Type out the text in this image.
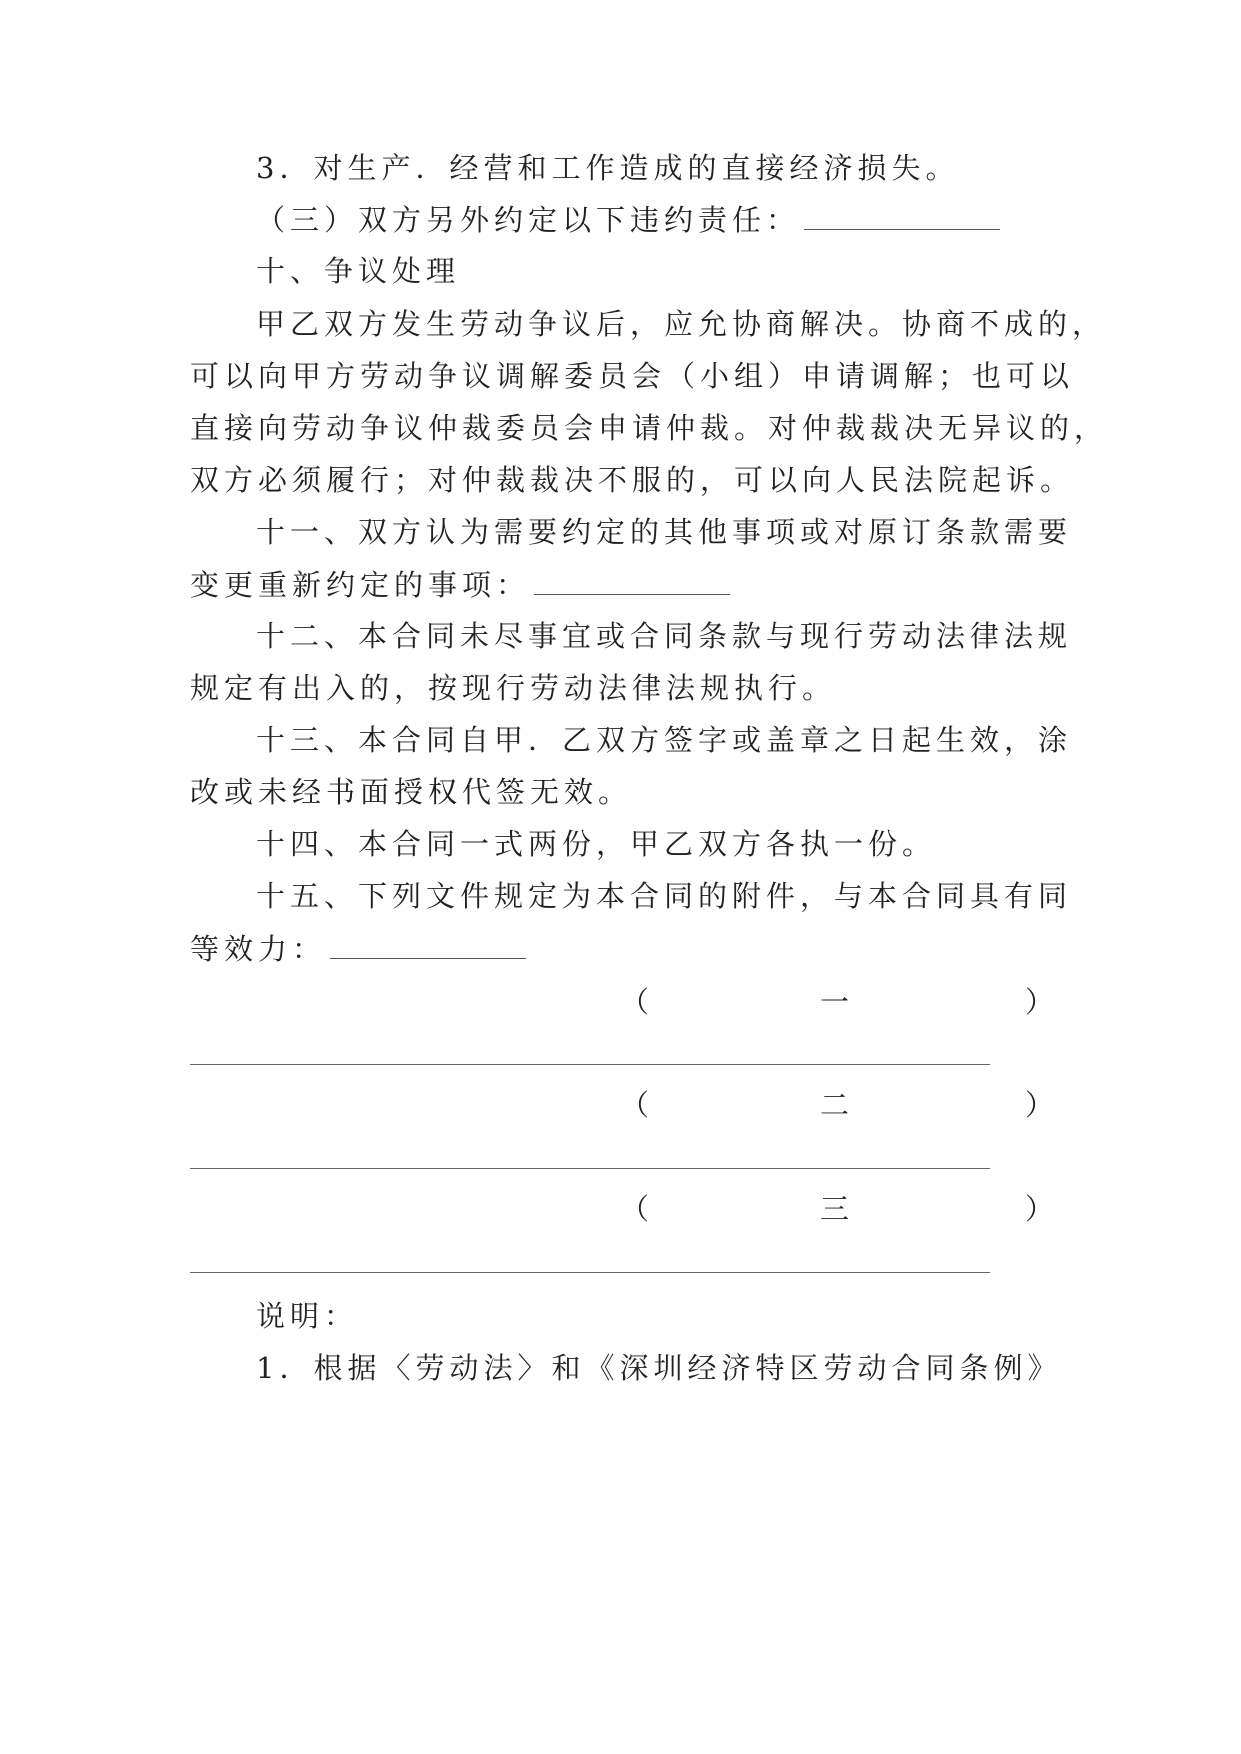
3．对生产．经营和工作造成的直接经济损失。
（三）双方另外约定以下违约责任：
十、争议处理
甲乙双方发生劳动争议后，应允协商解决。协商不成的，
可以向甲方劳动争议调解委员会（小组）申请调解；也可以
直接向劳动争议仲裁委员会申请仲裁。对仲裁裁决无异议的，
双方必须履行；对仲裁裁决不服的，可以向人民法院起诉。
十一、双方认为需要约定的其他事项或对原订条款需要
变更重新约定的事项：
十二、本合同未尽事宜或合同条款与现行劳动法律法规
规定有出入的，按现行劳动法律法规执行。
十三、本合同自甲．乙双方签字或盖章之日起生效，涂
改或未经书面授权代签无效。
十四、本合同一式两份，甲乙双方各执一份。
十五、下列文件规定为本合同的附件，与本合同具有同
等效力：
（	一	）
（	二	）
（	三	）
说明：
1．根据〈劳动法〉和《深圳经济特区劳动合同条例》
